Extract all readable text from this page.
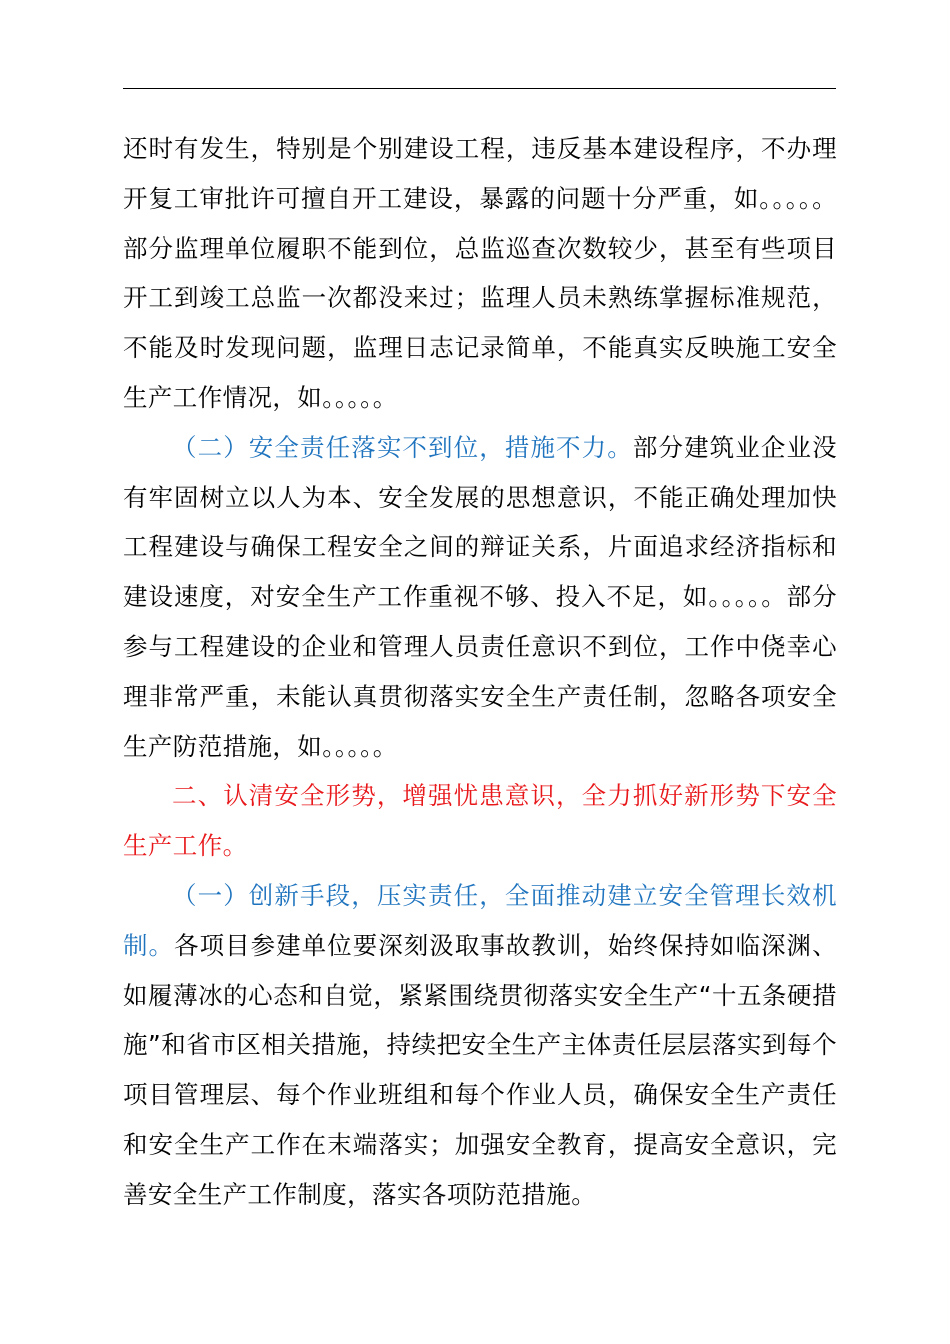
还时有发生，特别是个别建设工程，违反基本建设程序，不办理开复工审批许可擅自开工建设，暴露的问题十分严重，如。。。。。部分监理单位履职不能到位，总监巡查次数较少，甚至有些项目开工到竣工总监一次都没来过；监理人员未熟练掌握标准规范，不能及时发现问题，监理日志记录简单，不能真实反映施工安全生产工作情况，如。。。。。

（二）安全责任落实不到位，措施不力。部分建筑业企业没有牢固树立以人为本、安全发展的思想意识，不能正确处理加快工程建设与确保工程安全之间的辩证关系，片面追求经济指标和建设速度，对安全生产工作重视不够、投入不足，如。。。。。部分参与工程建设的企业和管理人员责任意识不到位，工作中侥幸心理非常严重，未能认真贯彻落实安全生产责任制，忽略各项安全生产防范措施，如。。。。。

二、认清安全形势，增强忧患意识，全力抓好新形势下安全生产工作。

（一）创新手段，压实责任，全面推动建立安全管理长效机制。各项目参建单位要深刻汲取事故教训，始终保持如临深渊、如履薄冰的心态和自觉，紧紧围绕贯彻落实安全生产“十五条硬措施”和省市区相关措施，持续把安全生产主体责任层层落实到每个项目管理层、每个作业班组和每个作业人员，确保安全生产责任和安全生产工作在末端落实；加强安全教育，提高安全意识，完善安全生产工作制度，落实各项防范措施。
